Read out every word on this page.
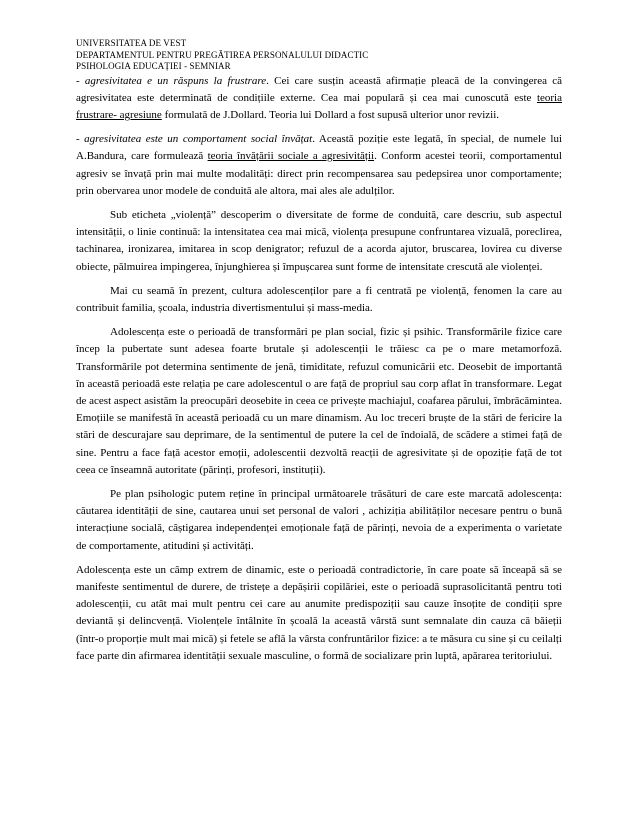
UNIVERSITATEA DE VEST
DEPARTAMENTUL PENTRU PREGĂTIREA PERSONALULUI DIDACTIC
PSIHOLOGIA EDUCAȚIEI - SEMNIAR

- agresivitatea e un răspuns la frustrare. Cei care susțin această afirmație pleacă de la convingerea că agresivitatea este determinată de condițiile externe. Cea mai populară și cea mai cunoscută este teoria frustrare- agresiune formulată de J.Dollard. Teoria lui Dollard a fost supusă ulterior unor revizii.

- agresivitatea este un comportament social învățat. Această poziție este legată, în special, de numele lui A.Bandura, care formulează teoria învățării sociale a agresivității. Conform acestei teorii, comportamentul agresiv se învață prin mai multe modalități: direct prin recompensarea sau pedepsirea unor comportamente; prin obervarea unor modele de conduită ale altora, mai ales ale adulților.

Sub eticheta „violență” descoperim o diversitate de forme de conduită, care descriu, sub aspectul intensității, o linie continuă: la intensitatea cea mai mică, violența presupune confruntarea vizuală, poreclirea, tachinarea, ironizarea, imitarea in scop denigrator; refuzul de a acorda ajutor, bruscarea, lovirea cu diverse obiecte, pălmuirea impingerea, înjunghierea și împușcarea sunt forme de intensitate crescută ale violenței.

Mai cu seamă în prezent, cultura adolescenților pare a fi centrată pe violență, fenomen la care au contribuit familia, școala, industria divertismentului și mass-media.

Adolescența este o perioadă de transformări pe plan social, fizic și psihic. Transformările fizice care încep la pubertate sunt adesea foarte brutale și adolescenții le trăiesc ca pe o mare metamorfoză. Transformările pot determina sentimente de jenă, timiditate, refuzul comunicării etc. Deosebit de importantă în această perioadă este relația pe care adolescentul o are față de propriul sau corp aflat în transformare. Legat de acest aspect asistăm la preocupări deosebite in ceea ce privește machiajul, coafarea părului, îmbrăcămintea. Emoțiile se manifestă în această perioadă cu un mare dinamism. Au loc treceri bruște de la stări de fericire la stări de descurajare sau deprimare, de la sentimentul de putere la cel de îndoială, de scădere a stimei față de sine. Pentru a face față acestor emoții, adolescentii dezvoltă reacții de agresivitate și de opoziție față de tot ceea ce înseamnă autoritate (părinți, profesori, instituții).

Pe plan psihologic putem reține în principal următoarele trăsături de care este marcată adolescența: căutarea identității de sine, cautarea unui set personal de valori , achiziția abilităților necesare pentru o bună interacțiune socială, câștigarea independenței emoționale față de părinți, nevoia de a experimenta o varietate de comportamente, atitudini și activități.

Adolescența este un câmp extrem de dinamic, este o perioadă contradictorie, în care poate să înceapă să se manifeste sentimentul de durere, de tristețe a depășirii copilăriei, este o perioadă suprasolicitantă pentru toti adolescenții, cu atât mai mult pentru cei care au anumite predispoziții sau cauze însoțite de condiții spre deviantă și delincvență. Violențele întâlnite în școală la această vârstă sunt semnalate din cauza că băieții (într-o proporție mult mai mică) și fetele se află la vârsta confruntărilor fizice: a te măsura cu sine și cu ceilalți face parte din afirmarea identității sexuale masculine, o formă de socializare prin luptă, apărarea teritoriului.
